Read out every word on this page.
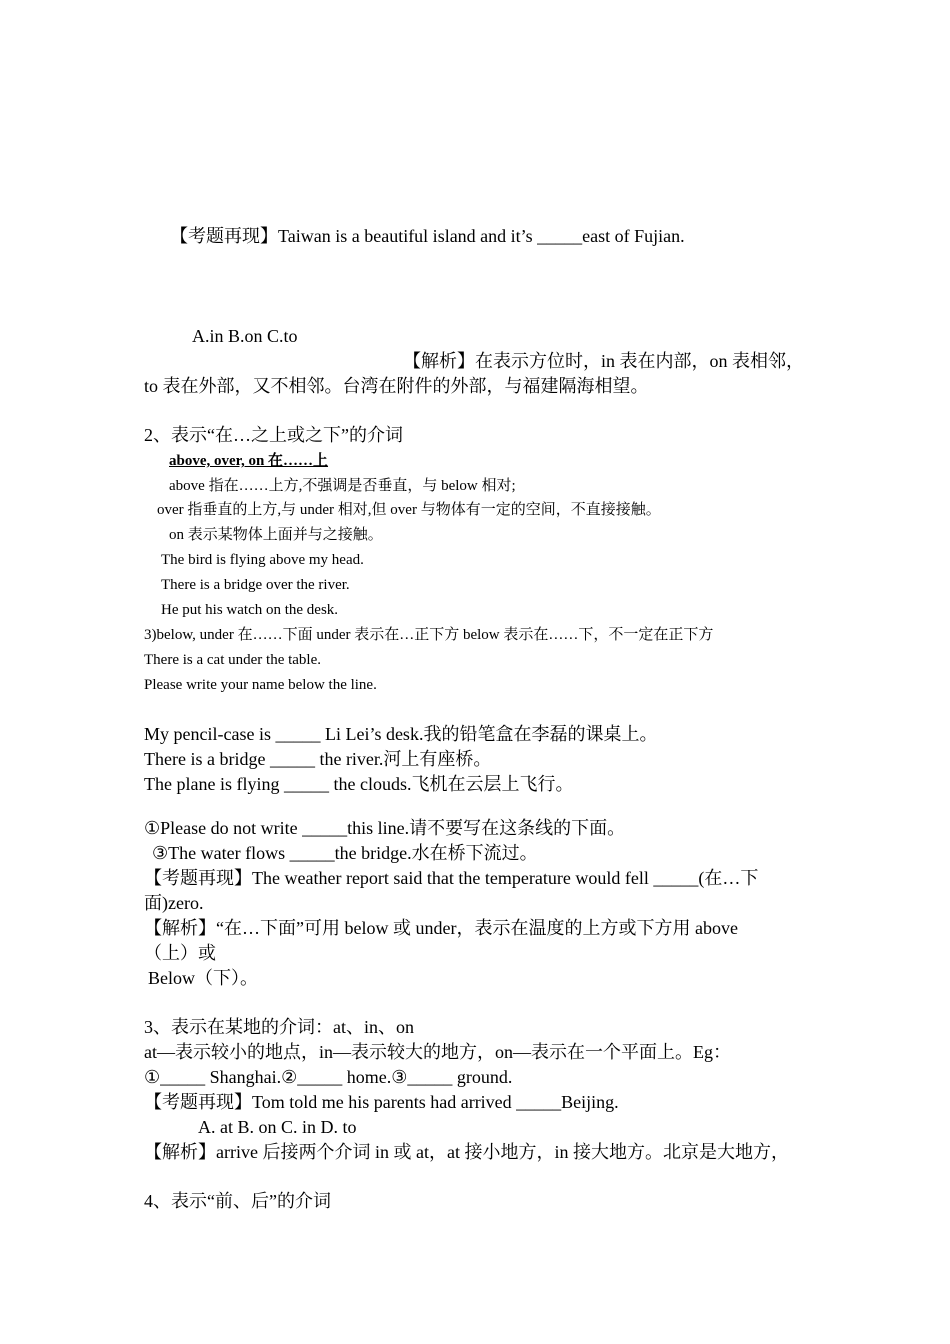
【考题再现】Taiwan is a beautiful island and it’s _____east of Fujian.
A.in B.on C.to
【解析】在表示方位时，in 表在内部，on 表相邻，
to 表在外部，又不相邻。台湾在附件的外部，与福建隔海相望。
2、表示“在…之上或之下”的介词
above, over, on 在……上
above 指在……上方,不强调是否垂直，与 below 相对;
over 指垂直的上方,与 under 相对,但 over 与物体有一定的空间，不直接接触。
on 表示某物体上面并与之接触。
The bird is flying above my head.
There is a bridge over the river.
He put his watch on the desk.
3)below, under 在……下面 under 表示在…正下方 below 表示在……下，不一定在正下方
There is a cat under the table.
Please write your name below the line.
My pencil-case is _____ Li Lei’s desk.我的铅笔盒在李磊的课桌上。
There is a bridge _____ the river.河上有座桥。
The plane is flying _____ the clouds.飞机在云层上飞行。
①Please do not write _____this line.请不要写在这条线的下面。
③The water flows _____the bridge.水在桥下流过。
【考题再现】The weather report said that the temperature would fell _____(在…下
面)zero.
【解析】“在…下面”可用 below 或 under，表示在温度的上方或下方用 above
（上）或
Below（下）。
3、表示在某地的介词：at、in、on
at—表示较小的地点，in—表示较大的地方，on—表示在一个平面上。Eg：
①_____ Shanghai.②_____ home.③_____ ground.
【考题再现】Tom told me his parents had arrived _____Beijing.
A. at B. on C. in D. to
【解析】arrive 后接两个介词 in 或 at，at 接小地方，in 接大地方。北京是大地方，
4、表示“前、后”的介词
